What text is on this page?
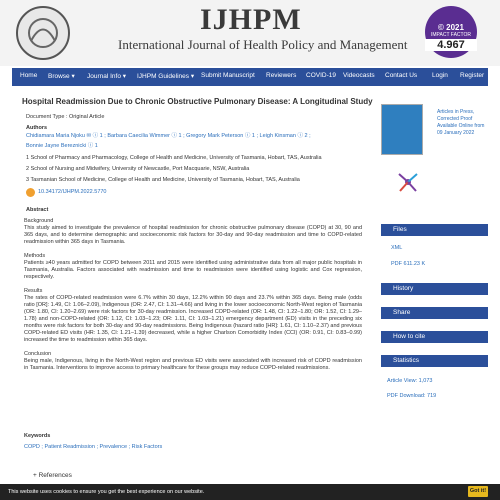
IJHPM
International Journal of Health Policy and Management
© 2021
IMPACT FACTOR
4.967
Home Browse ▾ Journal Info ▾ IJHPM Guidelines ▾ Submit Manuscript Reviewers COVID-19 Videocasts Contact Us Login Register
Hospital Readmission Due to Chronic Obstructive Pulmonary Disease: A Longitudinal Study
Document Type : Original Article
Authors
Chidiamara Maria Njoku ✉ ⓘ 1 ; Barbara Caecilia Wimmer ⓘ 1 ; Gregory Mark Peterson ⓘ 1 ; Leigh Kinsman ⓘ 2 ;
Bonnie Jayne Bereznicki ⓘ 1
1 School of Pharmacy and Pharmacology, College of Health and Medicine, University of Tasmania, Hobart, TAS, Australia
2 School of Nursing and Midwifery, University of Newcastle, Port Macquarie, NSW, Australia
3 Tasmanian School of Medicine, College of Health and Medicine, University of Tasmania, Hobart, TAS, Australia
10.34172/IJHPM.2022.5770
Abstract

Background

This study aimed to investigate the prevalence of hospital readmission for chronic obstructive pulmonary disease (COPD) at 30, 90 and 365 days, and to determine demographic and socioeconomic risk factors for 30-day and 90-day readmission and time to COPD-related readmission within 365 days in Tasmania.

Methods

Patients ≥40 years admitted for COPD between 2011 and 2015 were identified using administrative data from all major public hospitals in Tasmania, Australia. Factors associated with readmission and time to readmission were identified using logistic and Cox regression, respectively.

Results

The rates of COPD-related readmission were 6.7% within 30 days, 12.2% within 90 days and 23.7% within 365 days. Being male (odds ratio [OR]: 1.49, CI: 1.06–2.09), Indigenous (OR: 2.47, CI: 1.31–4.66) and living in the lower socioeconomic North-West region of Tasmania (OR: 1.80, CI: 1.20–2.69) were risk factors for 30-day readmission. Increased COPD-related (OR: 1.48, CI: 1.22–1.80; OR: 1.52, CI: 1.29–1.78) and non-COPD-related (OR: 1.12, CI: 1.03–1.23; OR: 1.11, CI: 1.03–1.21) emergency department (ED) visits in the preceding six months were risk factors for both 30-day and 90-day readmissions. Being Indigenous (hazard ratio [HR]: 1.61, CI: 1.10–2.37) and previous COPD-related ED visits (HR: 1.35, CI: 1.21–1.39) decreased, while a higher Charlson Comorbidity Index (CCI) (OR: 0.91, CI: 0.83–0.99) increased the time to readmission within 365 days.

Conclusion

Being male, Indigenous, living in the North-West region and previous ED visits were associated with increased risk of COPD readmission in Tasmania. Interventions to improve access to primary healthcare for these groups may reduce COPD-related readmissions.

Keywords
COPD ; Patient Readmission ; Prevalence ; Risk Factors
+ References
Articles in Press, Corrected Proof Available Online from 09 January 2022
Files
XML
PDF 611.23 K
History
Share
How to cite
Statistics
Article View: 1,073
PDF Download: 719
This website uses cookies to ensure you get the best experience on our website.	Got it!
